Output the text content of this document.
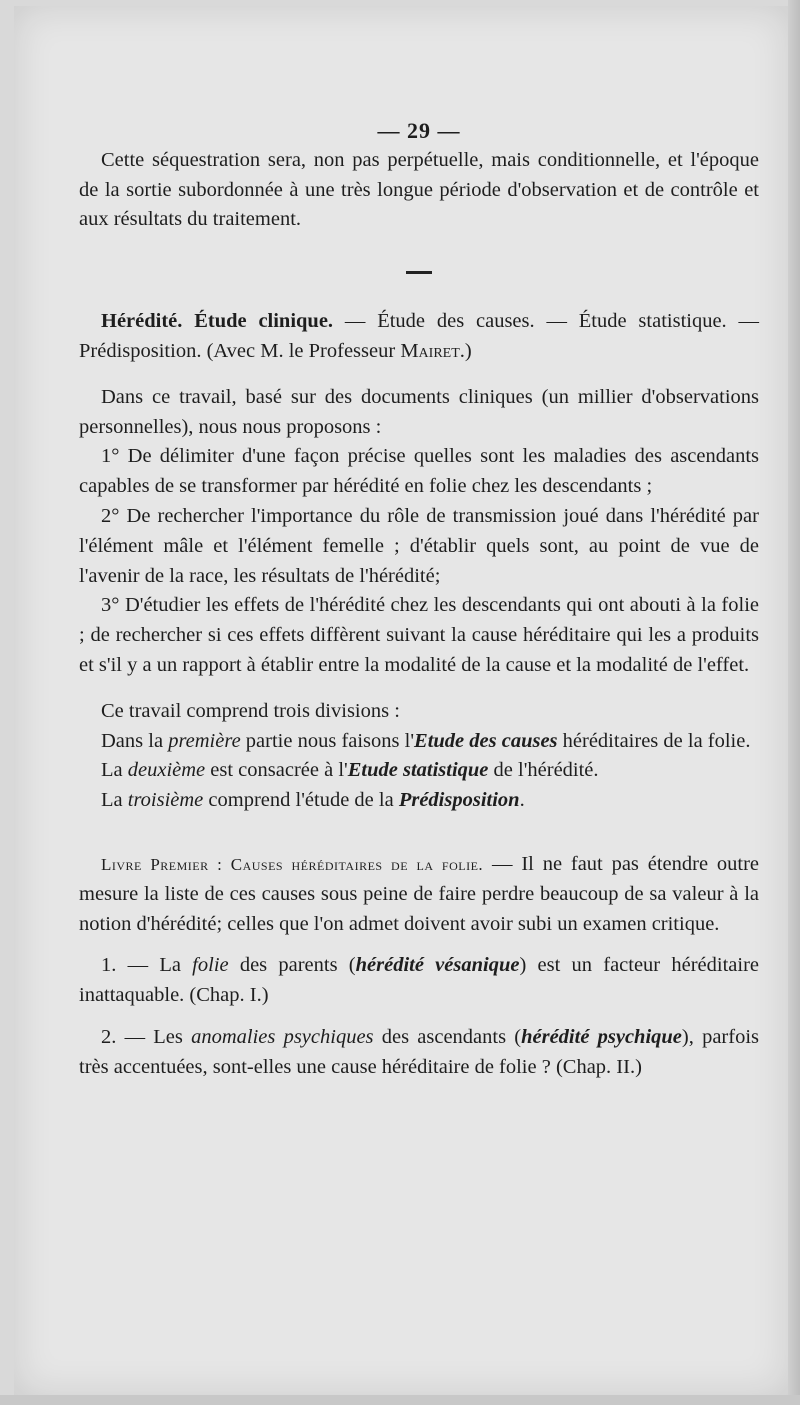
— 29 —

Cette séquestration sera, non pas perpétuelle, mais conditionnelle, et l'époque de la sortie subordonnée à une très longue période d'observation et de contrôle et aux résultats du traitement.

Hérédité. Étude clinique. — Étude des causes. — Étude statistique. — Prédisposition. (Avec M. le Professeur Mairet.)

Dans ce travail, basé sur des documents cliniques (un millier d'observations personnelles), nous nous proposons :

1° De délimiter d'une façon précise quelles sont les maladies des ascendants capables de se transformer par hérédité en folie chez les descendants ;

2° De rechercher l'importance du rôle de transmission joué dans l'hérédité par l'élément mâle et l'élément femelle ; d'établir quels sont, au point de vue de l'avenir de la race, les résultats de l'hérédité;

3° D'étudier les effets de l'hérédité chez les descendants qui ont abouti à la folie ; de rechercher si ces effets diffèrent suivant la cause héréditaire qui les a produits et s'il y a un rapport à établir entre la modalité de la cause et la modalité de l'effet.

Ce travail comprend trois divisions :

Dans la première partie nous faisons l'Etude des causes héréditaires de la folie.

La deuxième est consacrée à l'Etude statistique de l'hérédité.

La troisième comprend l'étude de la Prédisposition.

Livre Premier : Causes héréditaires de la folie. — Il ne faut pas étendre outre mesure la liste de ces causes sous peine de faire perdre beaucoup de sa valeur à la notion d'hérédité; celles que l'on admet doivent avoir subi un examen critique.

1. — La folie des parents (hérédité vésanique) est un facteur héréditaire inattaquable. (Chap. I.)

2. — Les anomalies psychiques des ascendants (hérédité psychique), parfois très accentuées, sont-elles une cause héréditaire de folie ? (Chap. II.)
